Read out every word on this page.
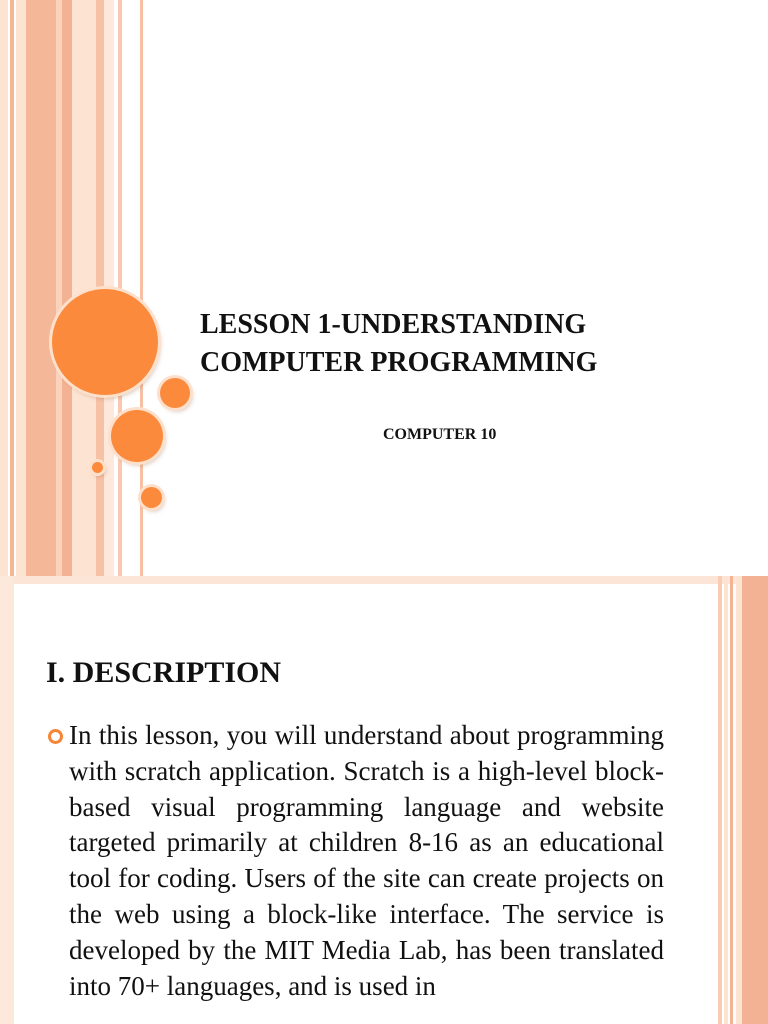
LESSON 1-UNDERSTANDING
COMPUTER PROGRAMMING

COMPUTER 10

I. DESCRIPTION

In this lesson, you will understand about programming with scratch application. Scratch is a high-level block-based visual programming language and website targeted primarily at children 8-16 as an educational tool for coding. Users of the site can create projects on the web using a block-like interface. The service is developed by the MIT Media Lab, has been translated into 70+ languages, and is used in
